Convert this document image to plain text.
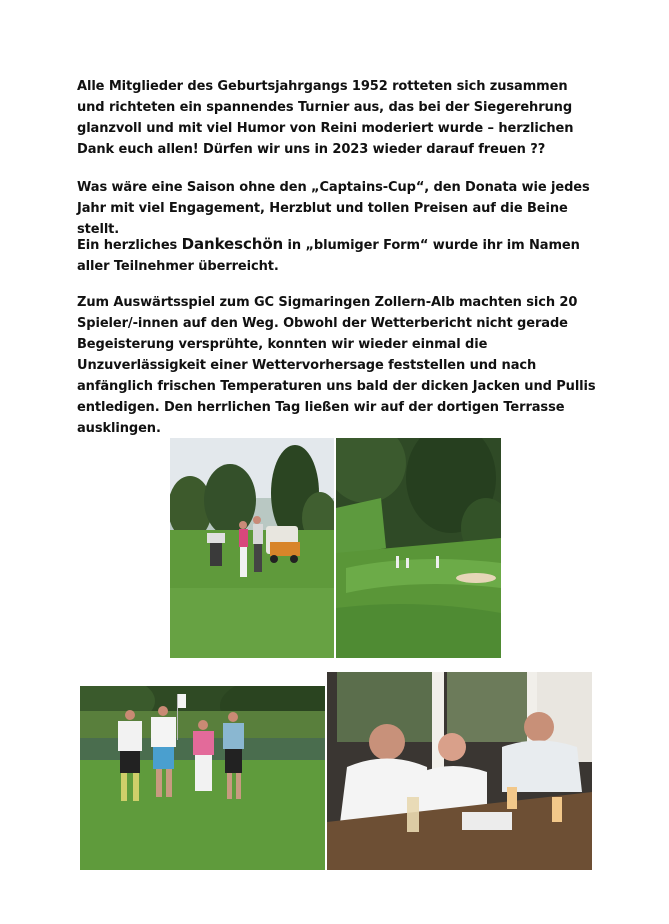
Alle Mitglieder des Geburtsjahrgangs 1952 rotteten sich zusammen und richteten ein spannendes Turnier aus, das bei der Siegerehrung glanzvoll und mit viel Humor von Reini moderiert wurde – herzlichen Dank euch allen! Dürfen wir uns in 2023 wieder darauf freuen ??

Was wäre eine Saison ohne den „Captains-Cup“, den Donata wie jedes Jahr mit viel Engagement, Herzblut und tollen Preisen auf die Beine stellt.

Ein herzliches Dankeschön in „blumiger Form“ wurde ihr im Namen aller Teilnehmer überreicht.

Zum Auswärtsspiel zum GC Sigmaringen Zollern-Alb machten sich 20 Spieler/-innen auf den Weg. Obwohl der Wetterbericht nicht gerade Begeisterung versprühte, konnten wir wieder einmal die Unzuverlässigkeit einer Wettervorhersage feststellen und nach anfänglich frischen Temperaturen uns bald der dicken Jacken und Pullis entledigen. Den herrlichen Tag ließen wir auf der dortigen Terrasse ausklingen.
